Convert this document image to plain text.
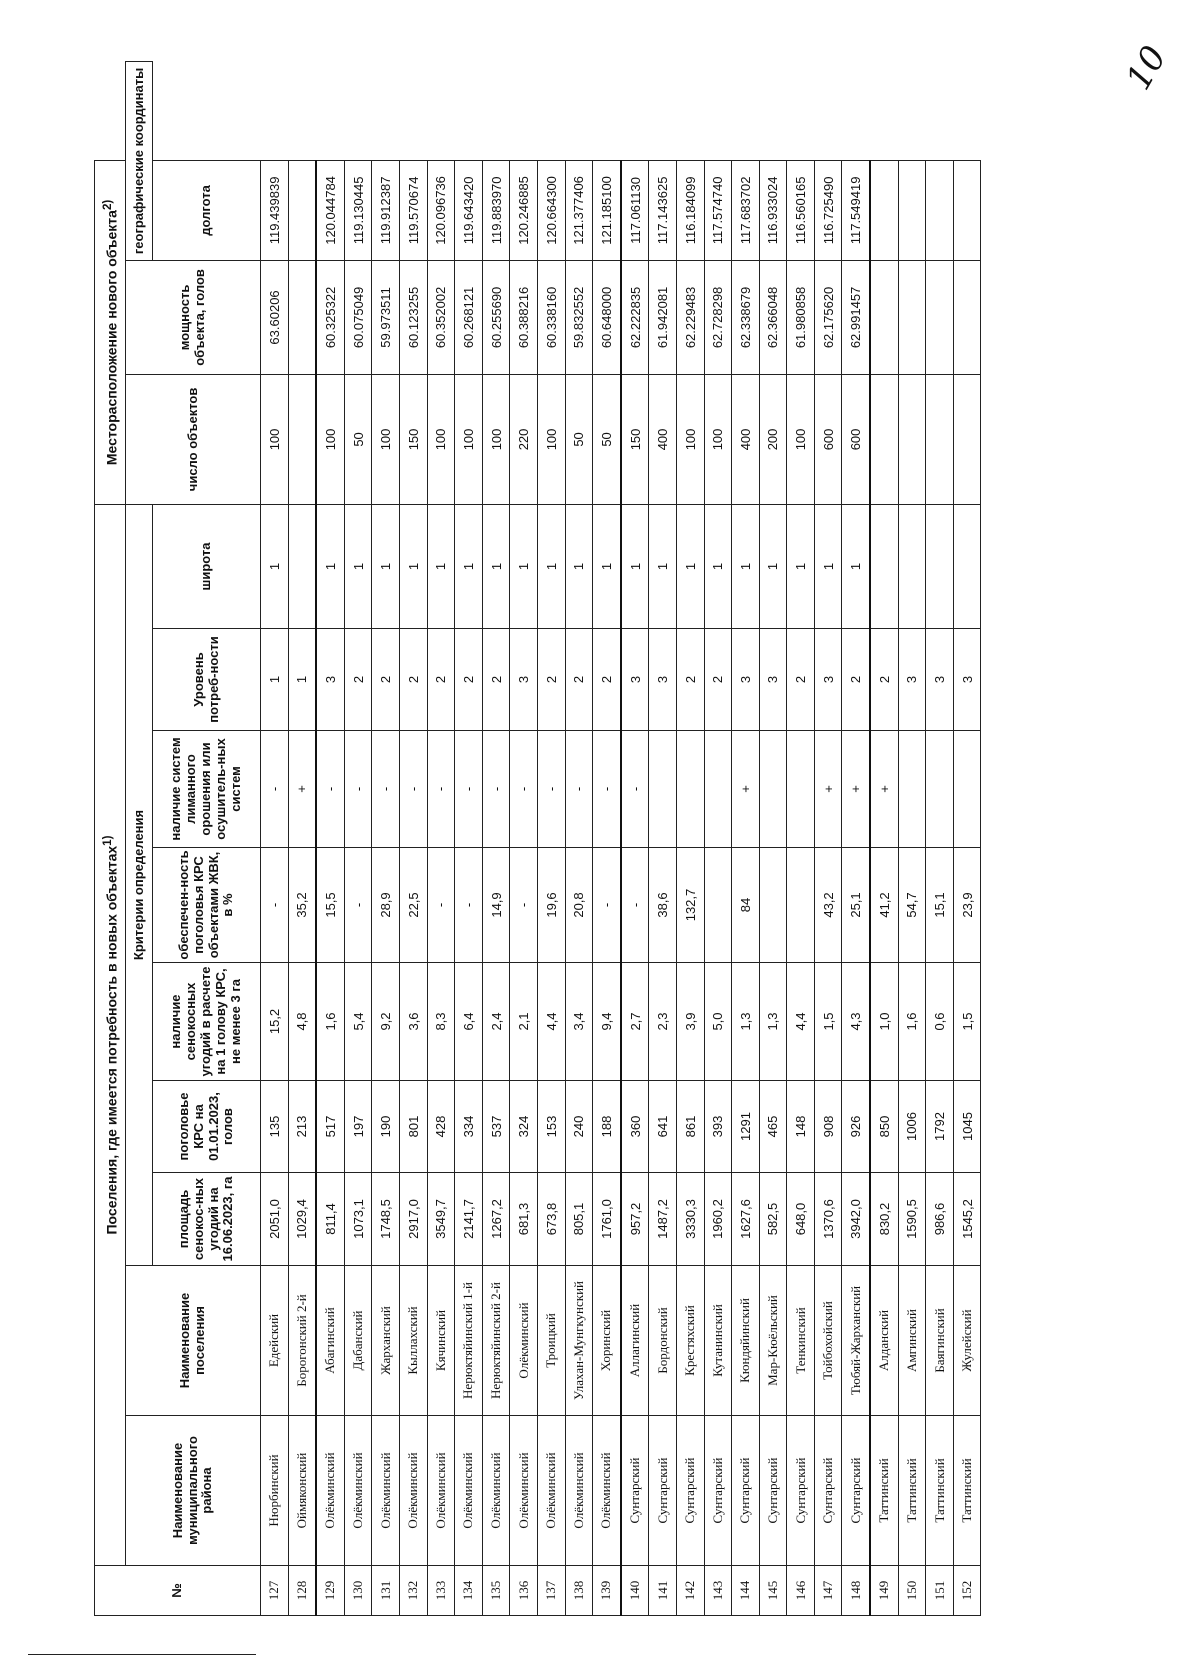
10
№	Поселения, где имеется потребность в новых объектах$^{1)}$									Месторасположение нового объекта$^{2)}$
	Наименование муниципального района	Наименование поселения	Критерии определения							число объектов	мощность объекта, голов	географические координаты
			площадь сенокос-ных угодий на 16.06.2023, га	поголовье КРС на 01.01.2023, голов	наличие сенокосных угодий в расчете на 1 голову КРС, не менее 3 га	обеспечен-ность поголовья КРС объектами ЖВК, в %	наличие систем лиманного орошения или осушитель-ных систем	Уровень потреб-ности	широта			долгота

127	Нюрбинский	Едейский	2051,0	135	15,2	-	-	1	1	100	63.60206	119.439839
128	Оймяконский	Борогонский 2-й	1029,4	213	4,8	35,2	+	1				
129	Олёкминский	Абагинский	811,4	517	1,6	15,5	-	3	1	100	60.325322	120.044784
130	Олёкминский	Дабанский	1073,1	197	5,4	-	-	2	1	50	60.075049	119.130445
131	Олёкминский	Жарханский	1748,5	190	9,2	28,9	-	2	1	100	59.973511	119.912387
132	Олёкминский	Кыллахский	2917,0	801	3,6	22,5	-	2	1	150	60.123255	119.570674
133	Олёкминский	Кячинский	3549,7	428	8,3	-	-	2	1	100	60.352002	120.096736
134	Олёкминский	Нерюктяйинский 1-й	2141,7	334	6,4	-	-	2	1	100	60.268121	119.643420
135	Олёкминский	Нерюктяйинский 2-й	1267,2	537	2,4	14,9	-	2	1	100	60.255690	119.883970
136	Олёкминский	Олёкминский	681,3	324	2,1	-	-	3	1	220	60.388216	120.246885
137	Олёкминский	Троицкий	673,8	153	4,4	19,6	-	2	1	100	60.338160	120.664300
138	Олёкминский	Улахан-Мунгкунский	805,1	240	3,4	20,8	-	2	1	50	59.832552	121.377406
139	Олёкминский	Хоринский	1761,0	188	9,4	-	-	2	1	50	60.648000	121.185100
140	Сунтарский	Аллагинский	957,2	360	2,7	-	-	3	1	150	62.222835	117.061130
141	Сунтарский	Бордонский	1487,2	641	2,3	38,6		3	1	400	61.942081	117.143625
142	Сунтарский	Крестяхский	3330,3	861	3,9	132,7		2	1	100	62.229483	116.184099
143	Сунтарский	Кутанинский	1960,2	393	5,0			2	1	100	62.728298	117.574740
144	Сунтарский	Кюндяйинский	1627,6	1291	1,3	84	+	3	1	400	62.338679	117.683702
145	Сунтарский	Мар-Кюёльский	582,5	465	1,3			3	1	200	62.366048	116.933024
146	Сунтарский	Тенкинский	648,0	148	4,4			2	1	100	61.980858	116.560165
147	Сунтарский	Тойбохойский	1370,6	908	1,5	43,2	+	3	1	600	62.175620	116.725490
148	Сунтарский	Тюбяй-Жарханский	3942,0	926	4,3	25,1	+	2	1	600	62.991457	117.549419
149	Таттинский	Алданский	830,2	850	1,0	41,2	+	2				
150	Таттинский	Амгинский	1590,5	1006	1,6	54,7		3				
151	Таттинский	Баягинский	986,6	1792	0,6	15,1		3				
152	Таттинский	Жулейский	1545,2	1045	1,5	23,9		3				
